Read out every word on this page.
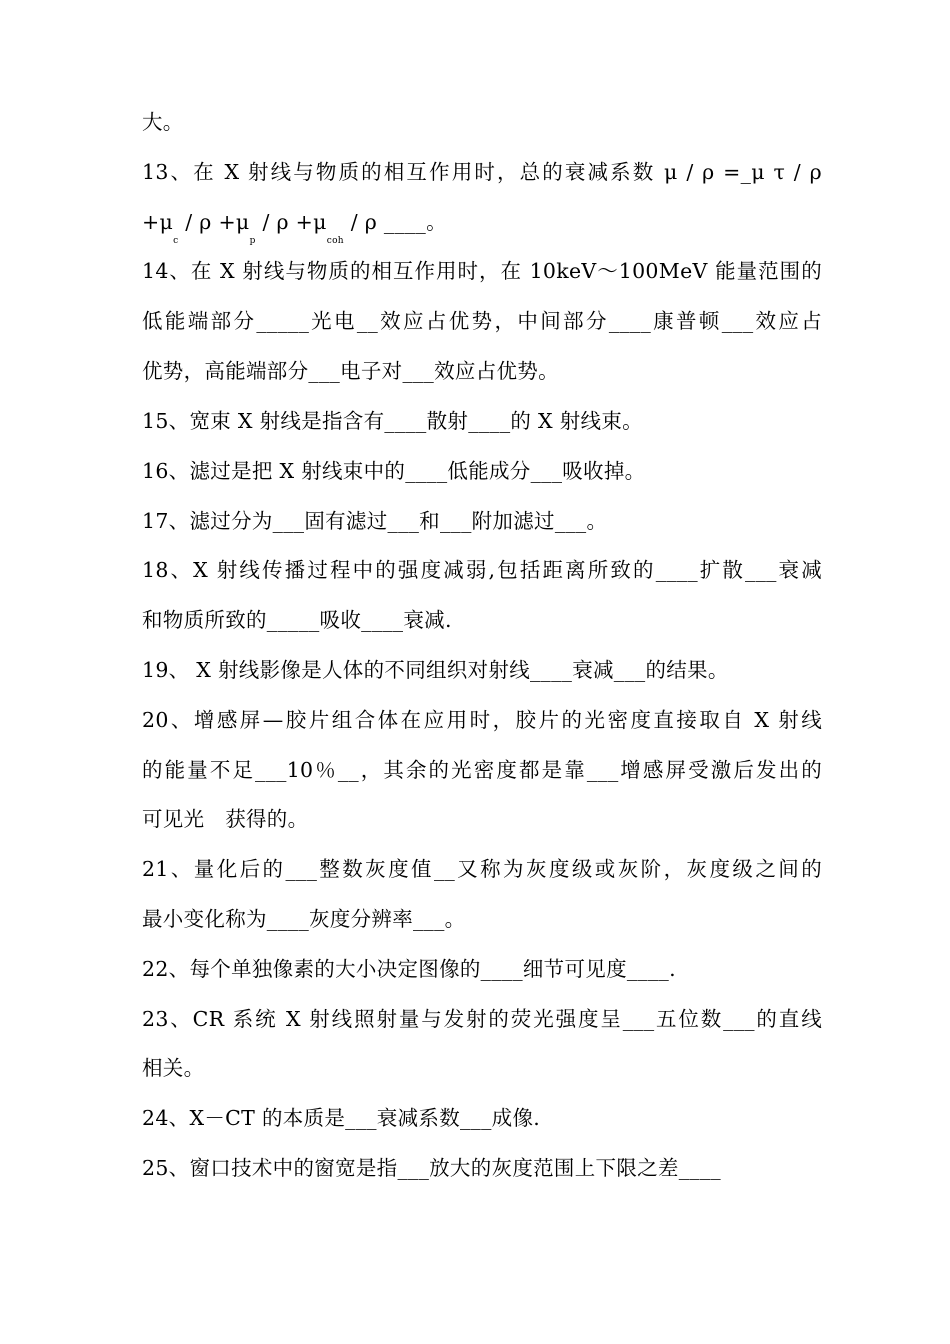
大。
13、在 X 射线与物质的相互作用时，总的衰减系数 μ / ρ =_μ τ / ρ
$+\mu_c / \rho +\mu_p / \rho +\mu_{coh} / \rho$ ____。
14、在 X 射线与物质的相互作用时，在 10keV～100MeV 能量范围的
低能端部分_____光电__效应占优势，中间部分____康普顿___效应占
优势，高能端部分___电子对___效应占优势。
15、宽束 X 射线是指含有____散射____的 X 射线束。
16、滤过是把 X 射线束中的____低能成分___吸收掉。
17、滤过分为___固有滤过___和___附加滤过___。
18、X 射线传播过程中的强度减弱,包括距离所致的____扩散___衰减
和物质所致的_____吸收____衰减.
19、 X 射线影像是人体的不同组织对射线____衰减___的结果。
20、增感屏—胶片组合体在应用时，胶片的光密度直接取自 X 射线
的能量不足___10％__，其余的光密度都是靠___增感屏受激后发出的
可见光　获得的。
21、量化后的___整数灰度值__又称为灰度级或灰阶，灰度级之间的
最小变化称为____灰度分辨率___。
22、每个单独像素的大小决定图像的____细节可见度____.
23、CR 系统 X 射线照射量与发射的荧光强度呈___五位数___的直线
相关。
24、X－CT 的本质是___衰减系数___成像.
25、窗口技术中的窗宽是指___放大的灰度范围上下限之差____
